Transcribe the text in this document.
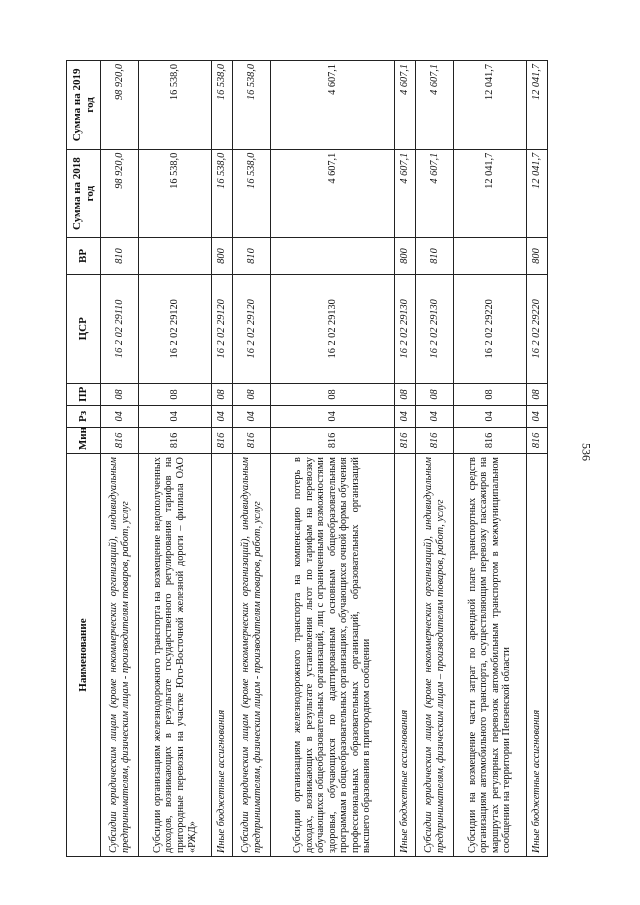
536
Наименование	Мин	Рз	ПР	ЦСР	ВР	Сумма на 2018 год	Сумма на 2019 год
Субсидии юридическим лицам (кроме некоммерческих организаций), индивидуальным предпринимателям, физическим лицам - производителям товаров, работ, услуг	816	04	08	16 2 02 29110	810	98 920,0	98 920,0
Субсидии организациям железнодорожного транспорта на возмещение недополученных доходов, возникающих в результате государственного регулирования тарифов на пригородные перевозки на участке Юго-Восточной железной дороги – филиала ОАО «РЖД»	816	04	08	16 2 02 29120		16 538,0	16 538,0
Иные бюджетные ассигнования	816	04	08	16 2 02 29120	800	16 538,0	16 538,0
Субсидии юридическим лицам (кроме некоммерческих организаций), индивидуальным предпринимателям, физическим лицам - производителям товаров, работ, услуг	816	04	08	16 2 02 29120	810	16 538,0	16 538,0
Субсидии организациям железнодорожного транспорта на компенсацию потерь в доходах, возникающих в результате установления льгот по тарифам на перевозку обучающихся общеобразовательных организаций, лиц с ограниченными возможностями здоровья, обучающихся по адаптированным основным общеобразовательным программам в общеобразовательных организациях, обучающихся очной формы обучения профессиональных образовательных организаций, образовательных организаций высшего образования в пригородном сообщении	816	04	08	16 2 02 29130		4 607,1	4 607,1
Иные бюджетные ассигнования	816	04	08	16 2 02 29130	800	4 607,1	4 607,1
Субсидии юридическим лицам (кроме некоммерческих организаций), индивидуальным предпринимателям, физическим лицам – производителям товаров, работ, услуг	816	04	08	16 2 02 29130	810	4 607,1	4 607,1
Субсидии на возмещение части затрат по арендной плате транспортных средств организациям автомобильного транспорта, осуществляющим перевозку пассажиров на маршрутах регулярных перевозок автомобильным транспортом в межмуниципальном сообщении на территории Пензенской области	816	04	08	16 2 02 29220		12 041,7	12 041,7
Иные бюджетные ассигнования	816	04	08	16 2 02 29220	800	12 041,7	12 041,7
